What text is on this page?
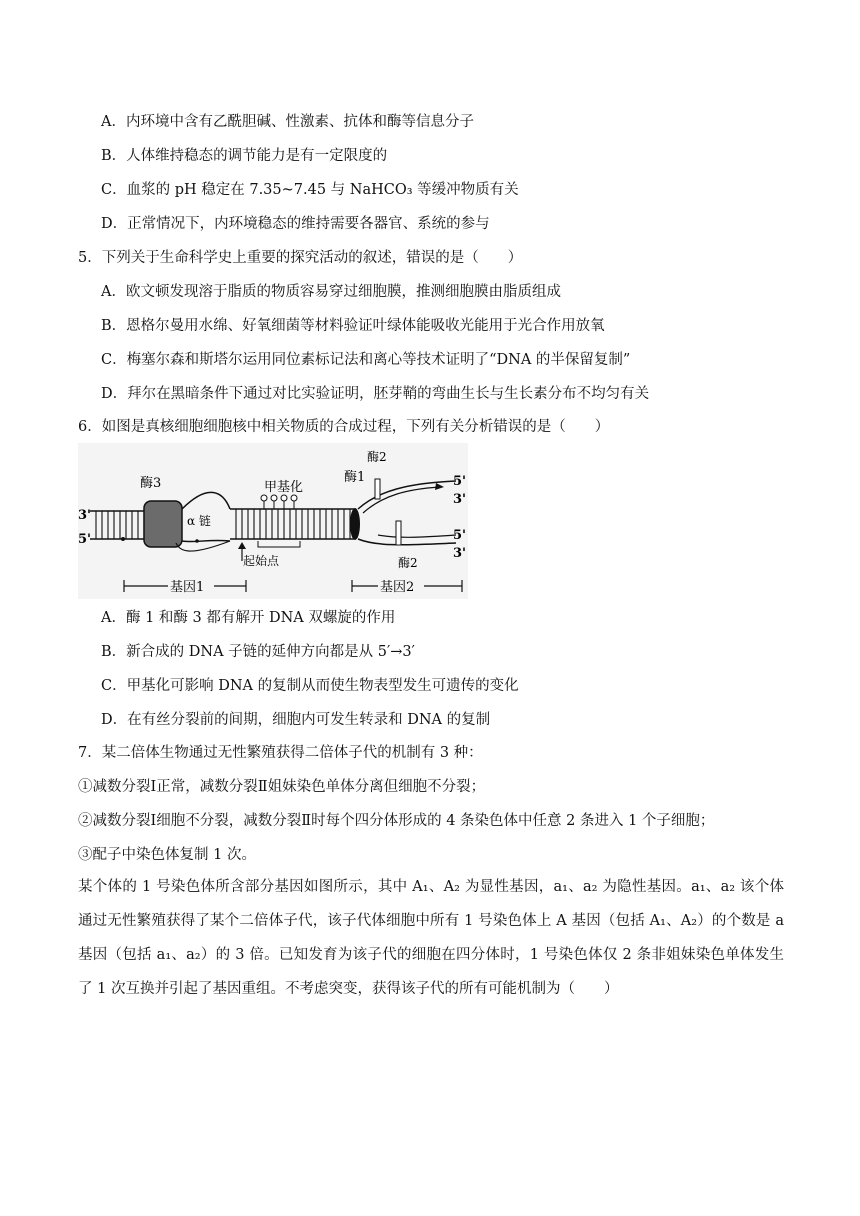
A．内环境中含有乙酰胆碱、性激素、抗体和酶等信息分子
B．人体维持稳态的调节能力是有一定限度的
C．血浆的 pH 稳定在 7.35~7.45 与 NaHCO₃ 等缓冲物质有关
D．正常情况下，内环境稳态的维持需要各器官、系统的参与
5．下列关于生命科学史上重要的探究活动的叙述，错误的是（　　）
A．欧文顿发现溶于脂质的物质容易穿过细胞膜，推测细胞膜由脂质组成
B．恩格尔曼用水绵、好氧细菌等材料验证叶绿体能吸收光能用于光合作用放氧
C．梅塞尔森和斯塔尔运用同位素标记法和离心等技术证明了“DNA 的半保留复制”
D．拜尔在黑暗条件下通过对比实验证明，胚芽鞘的弯曲生长与生长素分布不均匀有关
6．如图是真核细胞细胞核中相关物质的合成过程，下列有关分析错误的是（　　）
酶3
α 链
甲基化
酶1
酶2
酶2
起始点
基因1	基因2
3'
5'
5'
3'
5'
3'
A．酶 1 和酶 3 都有解开 DNA 双螺旋的作用
B．新合成的 DNA 子链的延伸方向都是从 5′→3′
C．甲基化可影响 DNA 的复制从而使生物表型发生可遗传的变化
D．在有丝分裂前的间期，细胞内可发生转录和 DNA 的复制
7．某二倍体生物通过无性繁殖获得二倍体子代的机制有 3 种：
①减数分裂Ⅰ正常，减数分裂Ⅱ姐妹染色单体分离但细胞不分裂；
②减数分裂Ⅰ细胞不分裂，减数分裂Ⅱ时每个四分体形成的 4 条染色体中任意 2 条进入 1 个子细胞；
③配子中染色体复制 1 次。
某个体的 1 号染色体所含部分基因如图所示，其中 A₁、A₂ 为显性基因，a₁、a₂ 为隐性基因。a₁、a₂ 该个体通过无性繁殖获得了某个二倍体子代，该子代体细胞中所有 1 号染色体上 A 基因（包括 A₁、A₂）的个数是 a 基因（包括 a₁、a₂）的 3 倍。已知发育为该子代的细胞在四分体时，1 号染色体仅 2 条非姐妹染色单体发生了 1 次互换并引起了基因重组。不考虑突变，获得该子代的所有可能机制为（　　）
